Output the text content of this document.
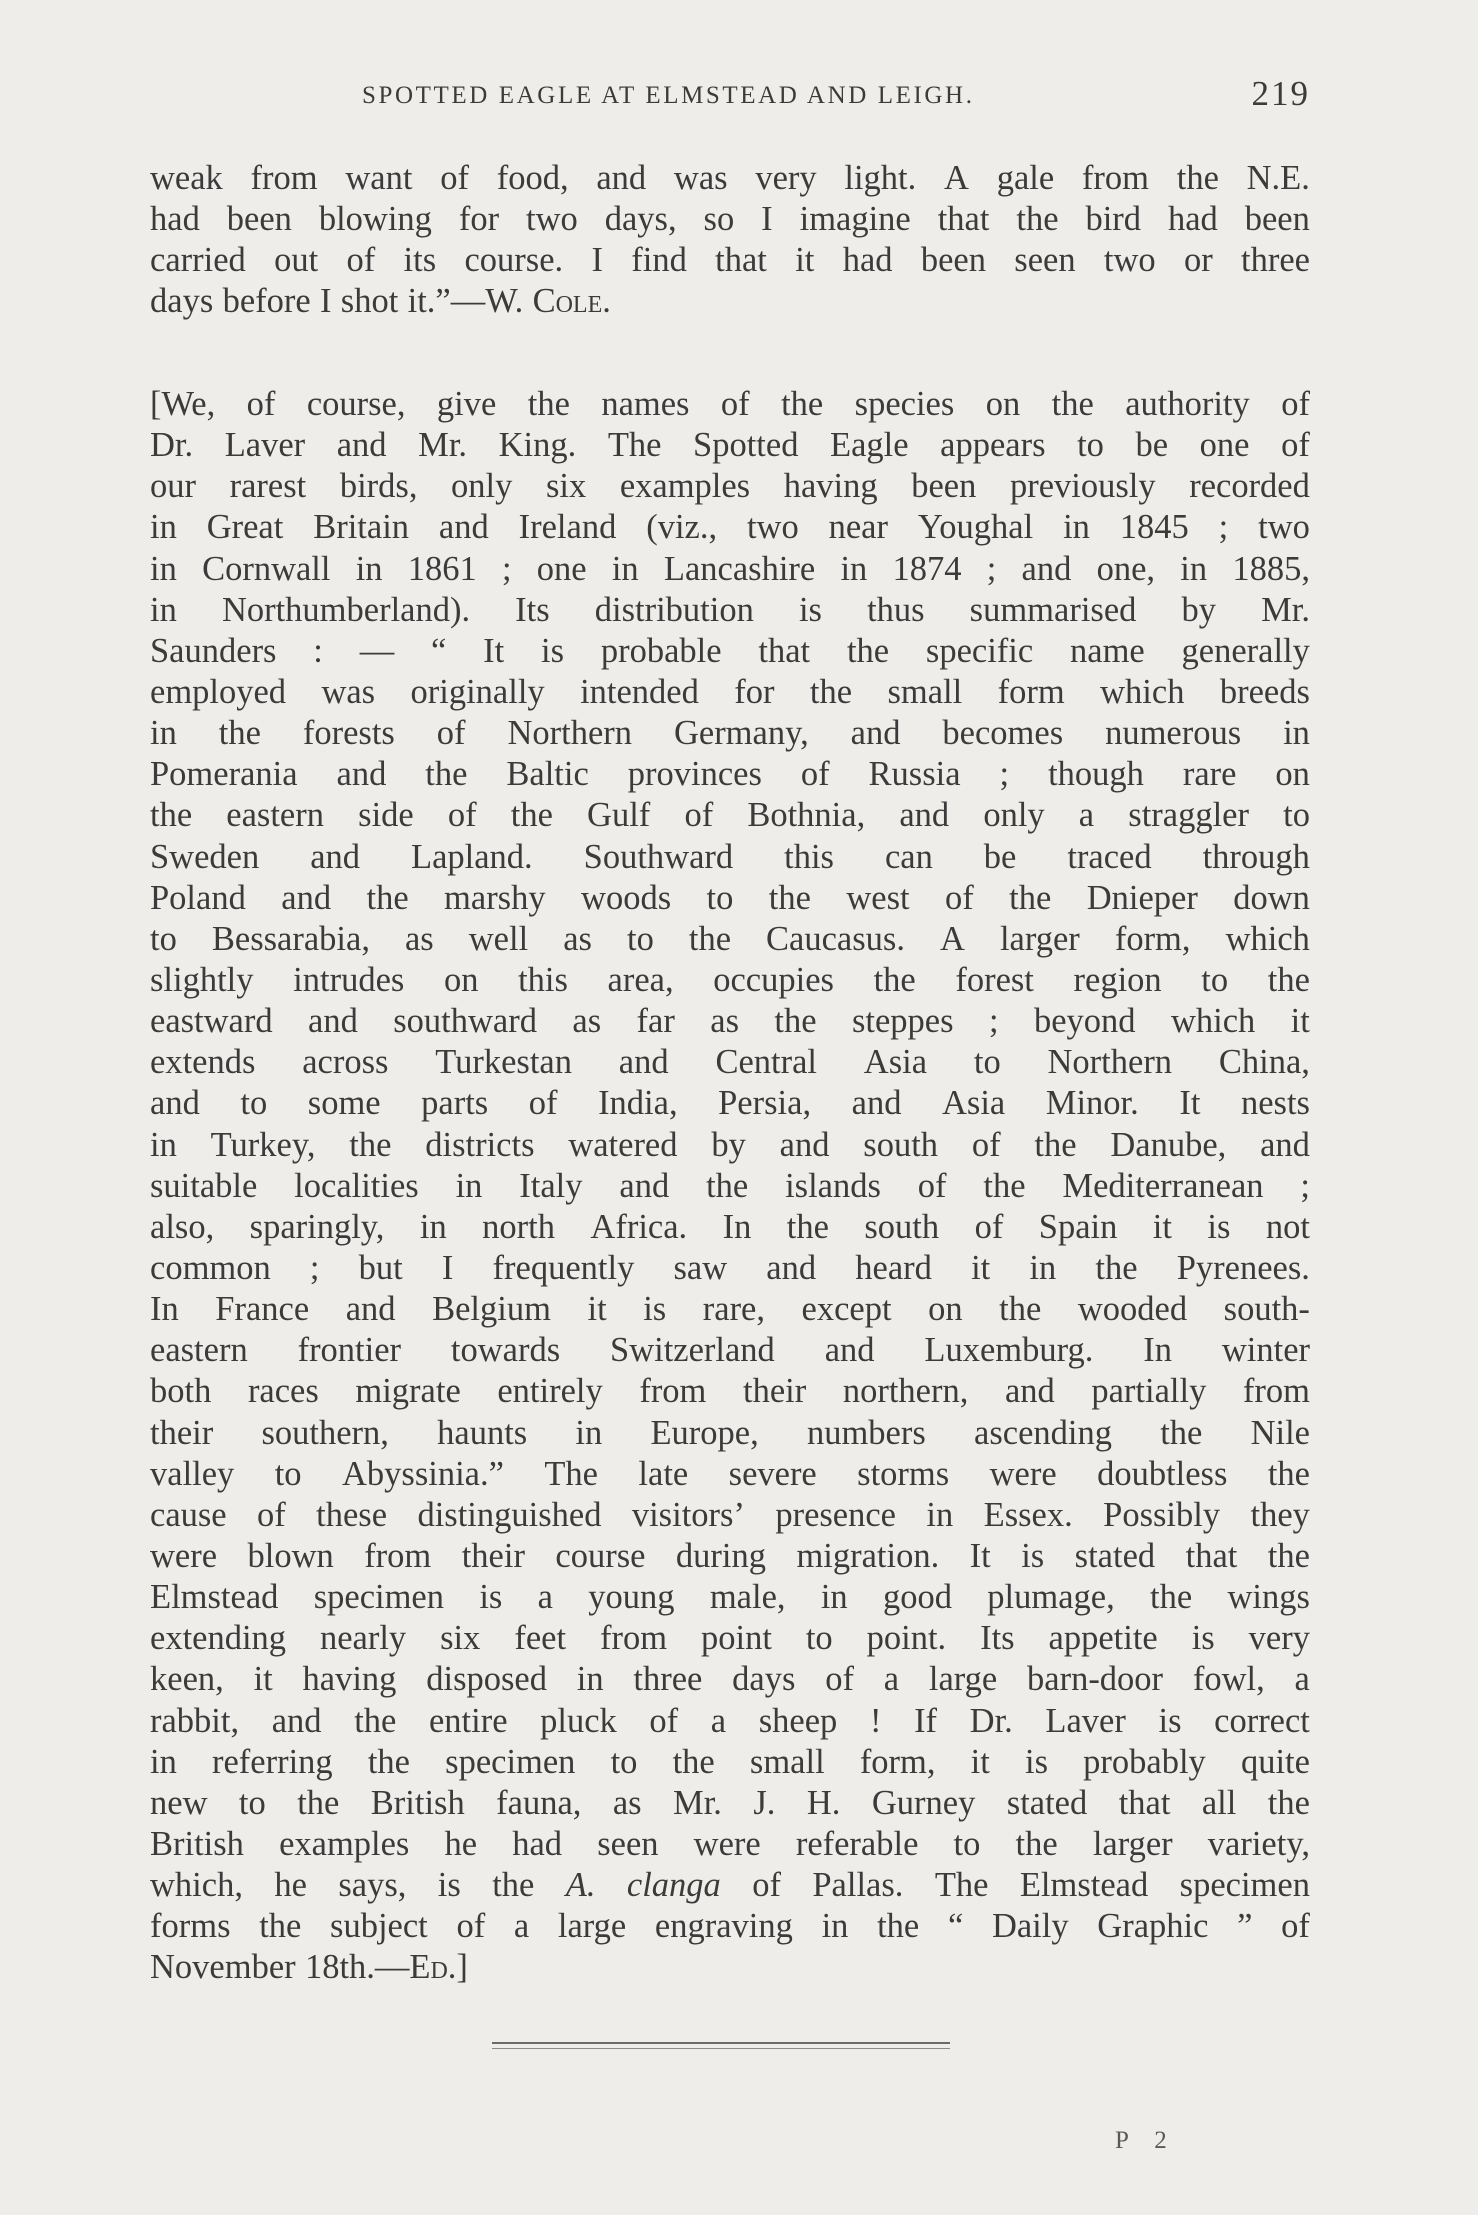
SPOTTED EAGLE AT ELMSTEAD AND LEIGH.	219
weak from want of food, and was very light. A gale from the N.E.
had been blowing for two days, so I imagine that the bird had been
carried out of its course. I find that it had been seen two or three
days before I shot it.”—W. Cole.
[We, of course, give the names of the species on the authority of
Dr. Laver and Mr. King. The Spotted Eagle appears to be one of
our rarest birds, only six examples having been previously recorded
in Great Britain and Ireland (viz., two near Youghal in 1845 ; two
in Cornwall in 1861 ; one in Lancashire in 1874 ; and one, in 1885,
in Northumberland). Its distribution is thus summarised by Mr.
Saunders : — “ It is probable that the specific name generally
employed was originally intended for the small form which breeds
in the forests of Northern Germany, and becomes numerous in
Pomerania and the Baltic provinces of Russia ; though rare on
the eastern side of the Gulf of Bothnia, and only a straggler to
Sweden and Lapland. Southward this can be traced through
Poland and the marshy woods to the west of the Dnieper down
to Bessarabia, as well as to the Caucasus. A larger form, which
slightly intrudes on this area, occupies the forest region to the
eastward and southward as far as the steppes ; beyond which it
extends across Turkestan and Central Asia to Northern China,
and to some parts of India, Persia, and Asia Minor. It nests
in Turkey, the districts watered by and south of the Danube, and
suitable localities in Italy and the islands of the Mediterranean ;
also, sparingly, in north Africa. In the south of Spain it is not
common ; but I frequently saw and heard it in the Pyrenees.
In France and Belgium it is rare, except on the wooded south-
eastern frontier towards Switzerland and Luxemburg. In winter
both races migrate entirely from their northern, and partially from
their southern, haunts in Europe, numbers ascending the Nile
valley to Abyssinia.” The late severe storms were doubtless the
cause of these distinguished visitors’ presence in Essex. Possibly they
were blown from their course during migration. It is stated that the
Elmstead specimen is a young male, in good plumage, the wings
extending nearly six feet from point to point. Its appetite is very
keen, it having disposed in three days of a large barn-door fowl, a
rabbit, and the entire pluck of a sheep ! If Dr. Laver is correct
in referring the specimen to the small form, it is probably quite
new to the British fauna, as Mr. J. H. Gurney stated that all the
British examples he had seen were referable to the larger variety,
which, he says, is the A. clanga of Pallas. The Elmstead specimen
forms the subject of a large engraving in the “ Daily Graphic ” of
November 18th.—Ed.]
P 2
